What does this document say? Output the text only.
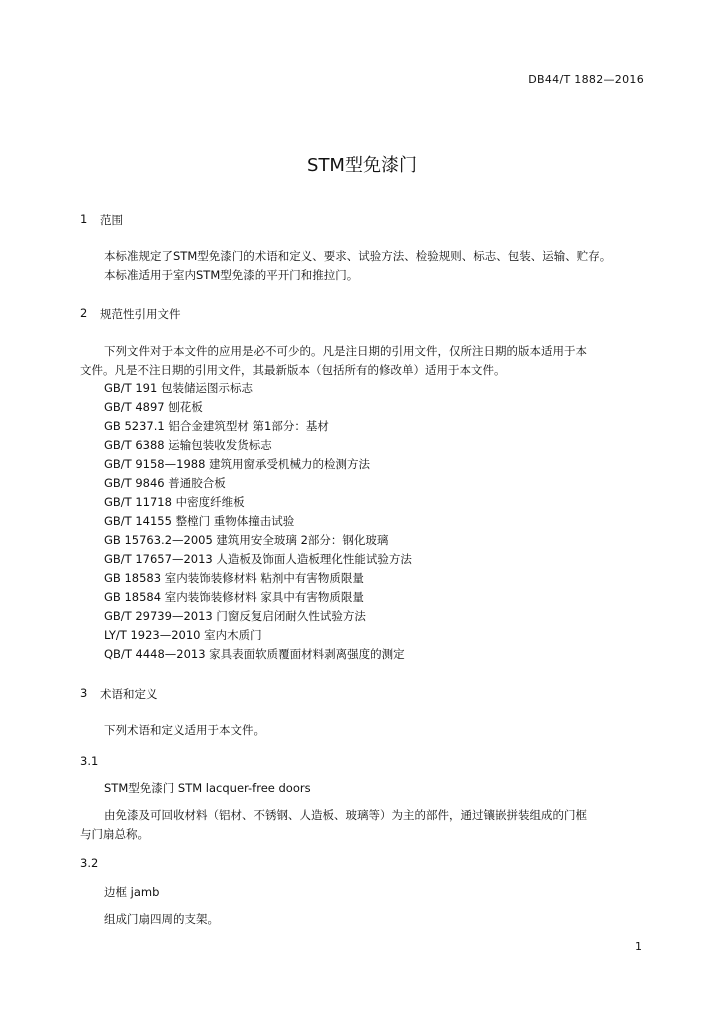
DB44/T 1882—2016
STM型免漆门
1 范围
本标准规定了STM型免漆门的术语和定义、要求、试验方法、检验规则、标志、包装、运输、贮存。
本标准适用于室内STM型免漆的平开门和推拉门。
2 规范性引用文件
下列文件对于本文件的应用是必不可少的。凡是注日期的引用文件，仅所注日期的版本适用于本
文件。凡是不注日期的引用文件，其最新版本（包括所有的修改单）适用于本文件。
GB/T 191 包装储运图示标志
GB/T 4897 刨花板
GB 5237.1 铝合金建筑型材 第1部分：基材
GB/T 6388 运输包装收发货标志
GB/T 9158—1988 建筑用窗承受机械力的检测方法
GB/T 9846 普通胶合板
GB/T 11718 中密度纤维板
GB/T 14155 整樘门 重物体撞击试验
GB 15763.2—2005 建筑用安全玻璃 2部分：钢化玻璃
GB/T 17657—2013 人造板及饰面人造板理化性能试验方法
GB 18583 室内装饰装修材料 粘剂中有害物质限量
GB 18584 室内装饰装修材料 家具中有害物质限量
GB/T 29739—2013 门窗反复启闭耐久性试验方法
LY/T 1923—2010 室内木质门
QB/T 4448—2013 家具表面软质覆面材料剥离强度的测定
3 术语和定义
下列术语和定义适用于本文件。
3.1
STM型免漆门 STM lacquer-free doors
由免漆及可回收材料（铝材、不锈钢、人造板、玻璃等）为主的部件，通过镶嵌拼装组成的门框
与门扇总称。
3.2
边框 jamb
组成门扇四周的支架。
1
